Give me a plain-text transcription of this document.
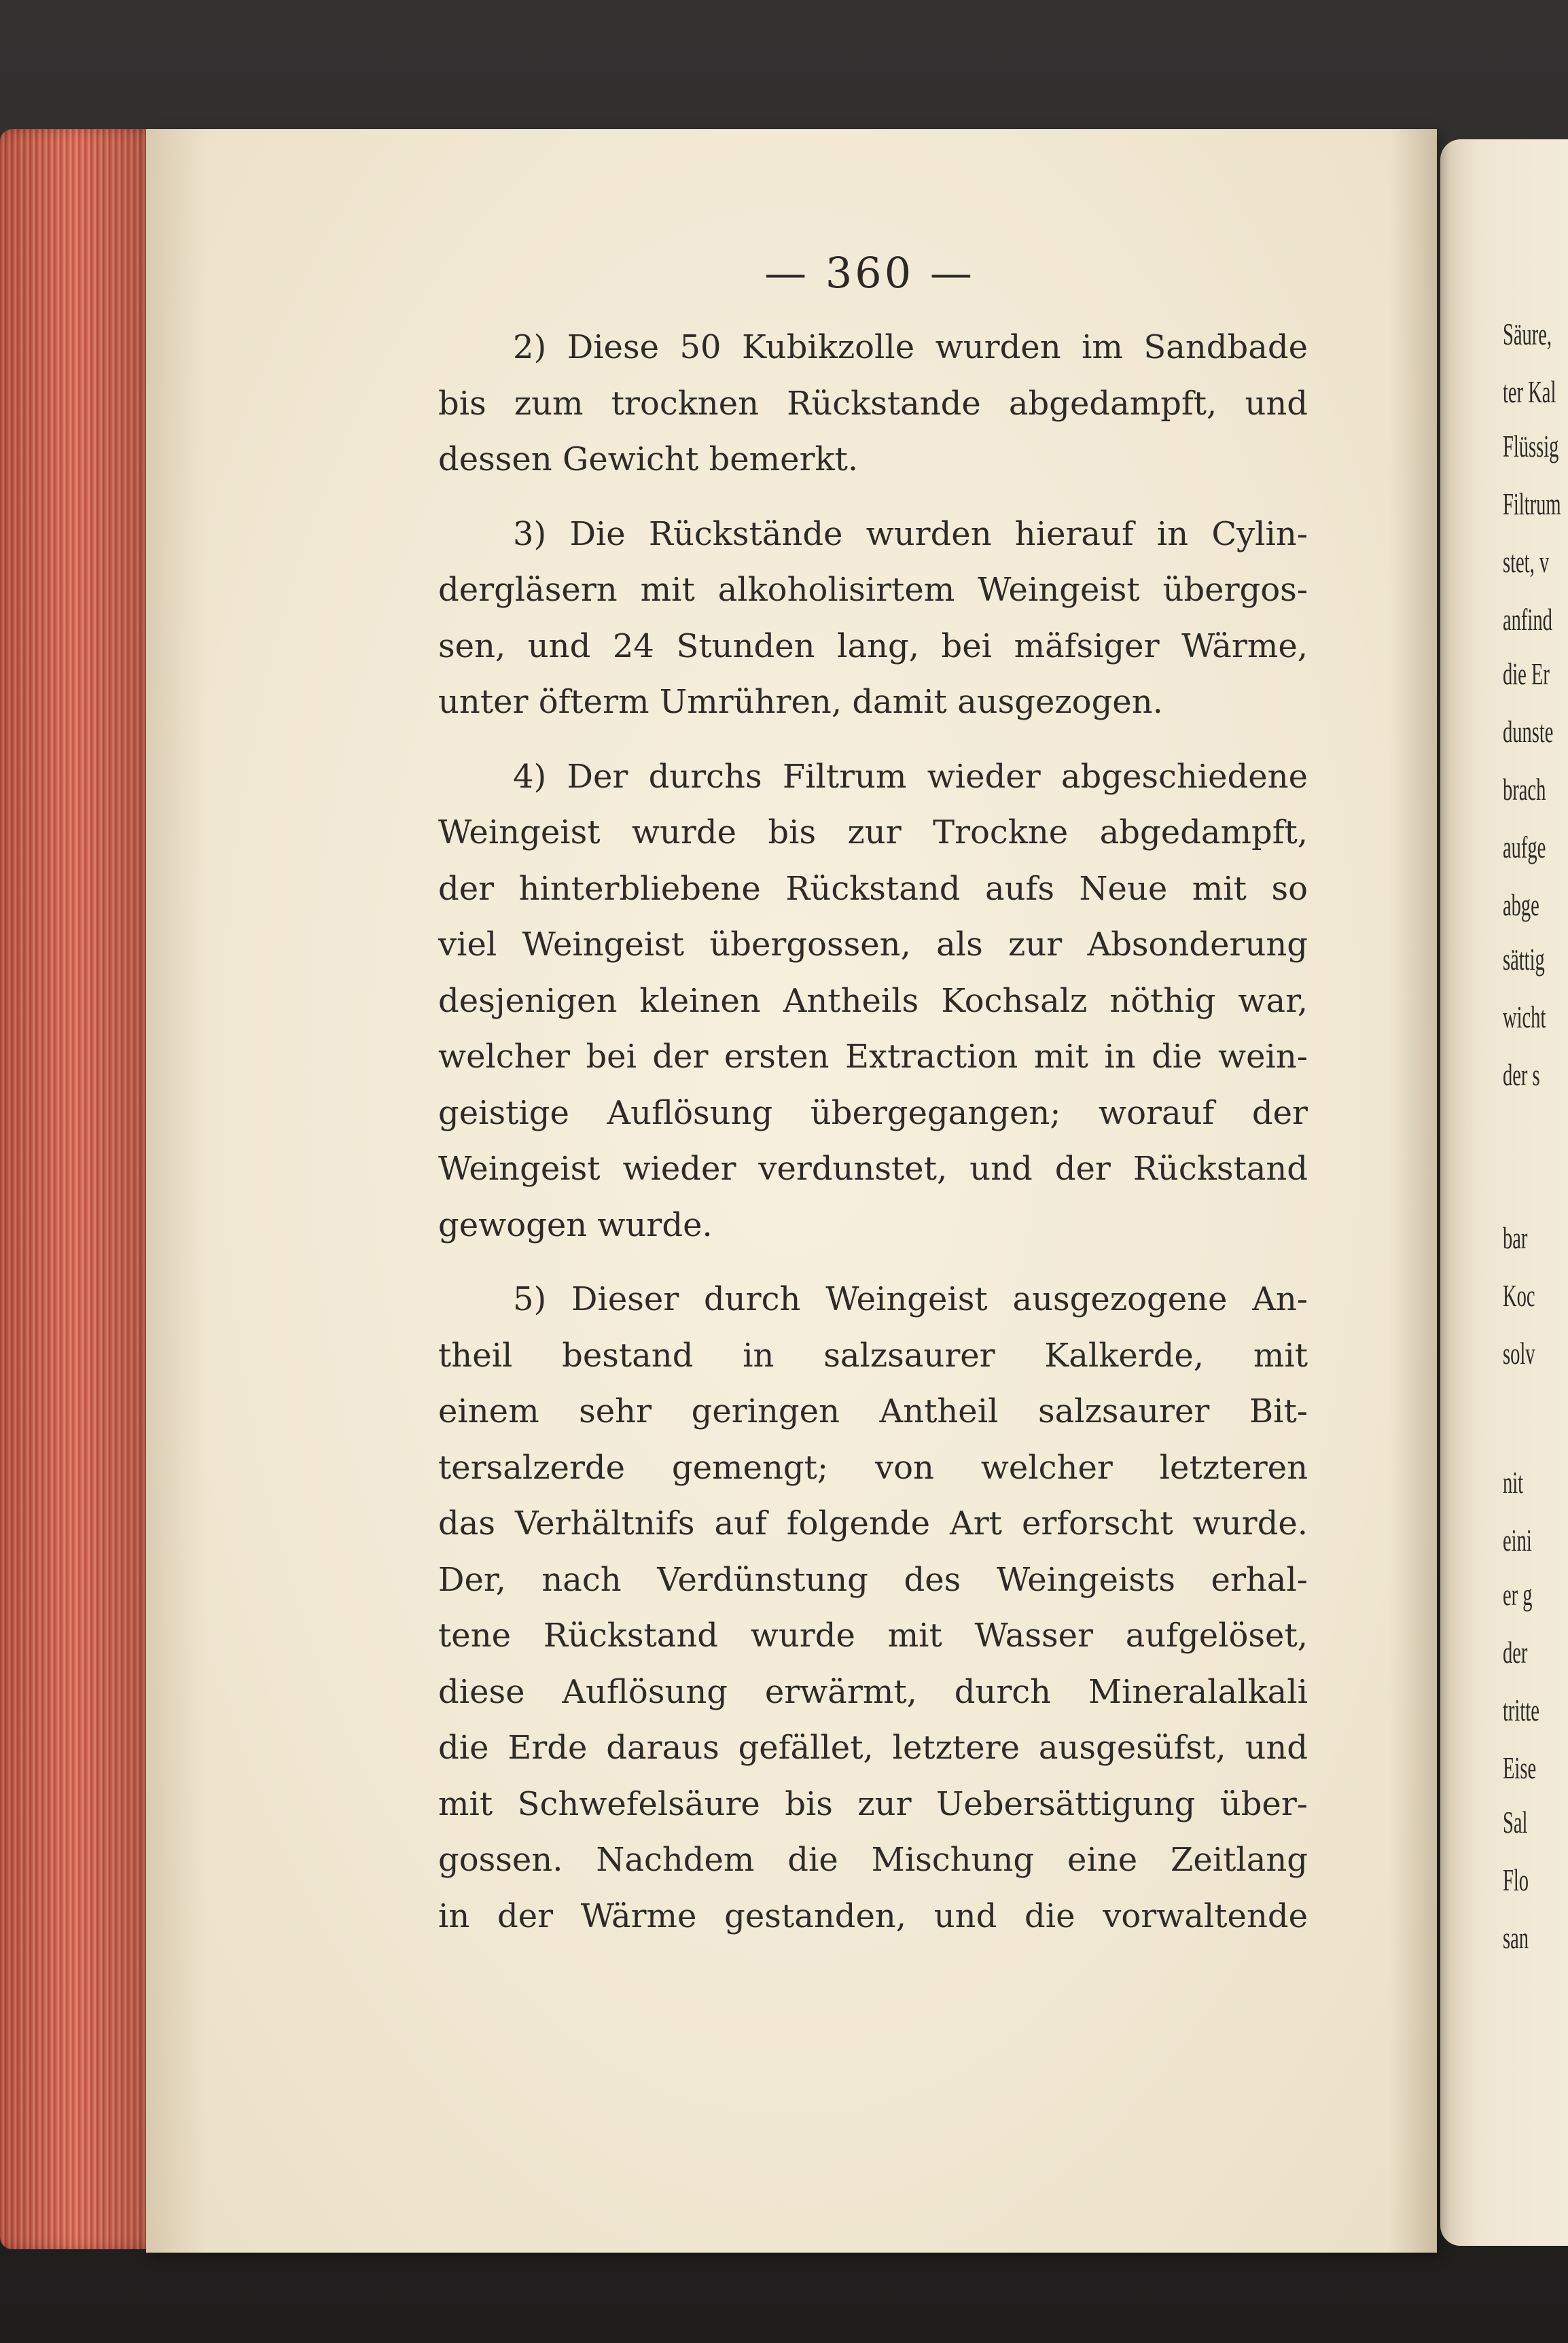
— 360 —
2) Diese 50 Kubikzolle wurden im Sandbade
bis zum trocknen Rückstande abgedampft, und
dessen Gewicht bemerkt.
3) Die Rückstände wurden hierauf in Cylin-
dergläsern mit alkoholisirtem Weingeist übergos-
sen, und 24 Stunden lang, bei mäfsiger Wärme,
unter öfterm Umrühren, damit ausgezogen.
4) Der durchs Filtrum wieder abgeschiedene
Weingeist wurde bis zur Trockne abgedampft,
der hinterbliebene Rückstand aufs Neue mit so
viel Weingeist übergossen, als zur Absonderung
desjenigen kleinen Antheils Kochsalz nöthig war,
welcher bei der ersten Extraction mit in die wein-
geistige Auflösung übergegangen; worauf der
Weingeist wieder verdunstet, und der Rückstand
gewogen wurde.
5) Dieser durch Weingeist ausgezogene An-
theil bestand in salzsaurer Kalkerde, mit
einem sehr geringen Antheil salzsaurer Bit-
tersalzerde gemengt; von welcher letzteren
das Verhältnifs auf folgende Art erforscht wurde.
Der, nach Verdünstung des Weingeists erhal-
tene Rückstand wurde mit Wasser aufgelöset,
diese Auflösung erwärmt, durch Mineralalkali
die Erde daraus gefället, letztere ausgesüfst, und
mit Schwefelsäure bis zur Uebersättigung über-
gossen. Nachdem die Mischung eine Zeitlang
in der Wärme gestanden, und die vorwaltende
Säure,
ter Kal
Flüssig
Filtrum
stet, v
anfind
die Er
dunste
brach
aufge
abge
sättig
wicht
der s
bar
Koc
solv
nit
eini
er g
der
tritte
Eise
Sal
Flo
san
